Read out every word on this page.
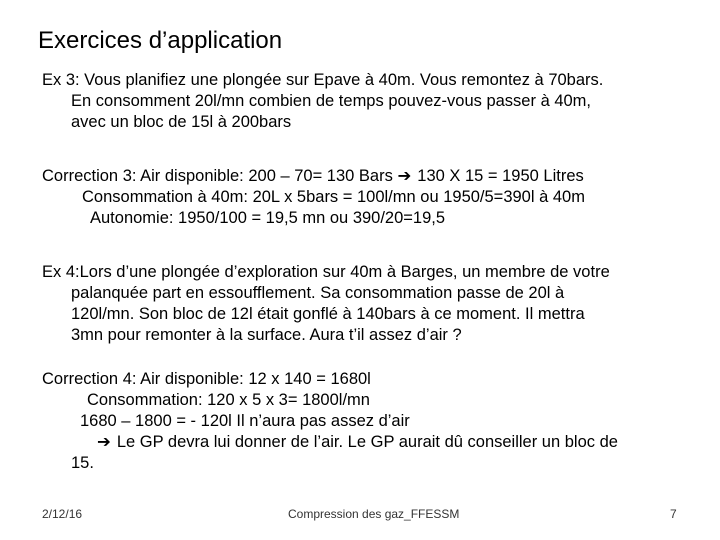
Exercices d’application
Ex 3: Vous planifiez une plongée sur Epave à 40m. Vous remontez à 70bars.
En consomment 20l/mn combien de temps pouvez-vous passer à 40m,
avec un bloc de 15l à 200bars
Correction 3: Air disponible: 200 – 70= 130 Bars ➔ 130 X 15 = 1950 Litres
Consommation à 40m: 20L x 5bars = 100l/mn ou 1950/5=390l à 40m
Autonomie: 1950/100 = 19,5 mn ou 390/20=19,5
Ex 4:Lors d’une plongée d’exploration sur 40m à Barges, un membre de votre
palanquée part en essoufflement. Sa consommation passe de 20l à
120l/mn. Son bloc de 12l était gonflé à 140bars à ce moment. Il mettra
3mn pour remonter à la surface. Aura t’il assez d’air ?
Correction 4: Air disponible: 12 x 140 = 1680l
Consommation: 120 x 5 x 3= 1800l/mn
1680 – 1800 = - 120l Il n’aura pas assez d’air
➔ Le GP devra lui donner de l’air. Le GP aurait dû conseiller un bloc de
15.
2/12/16	Compression des gaz_FFESSM	7
